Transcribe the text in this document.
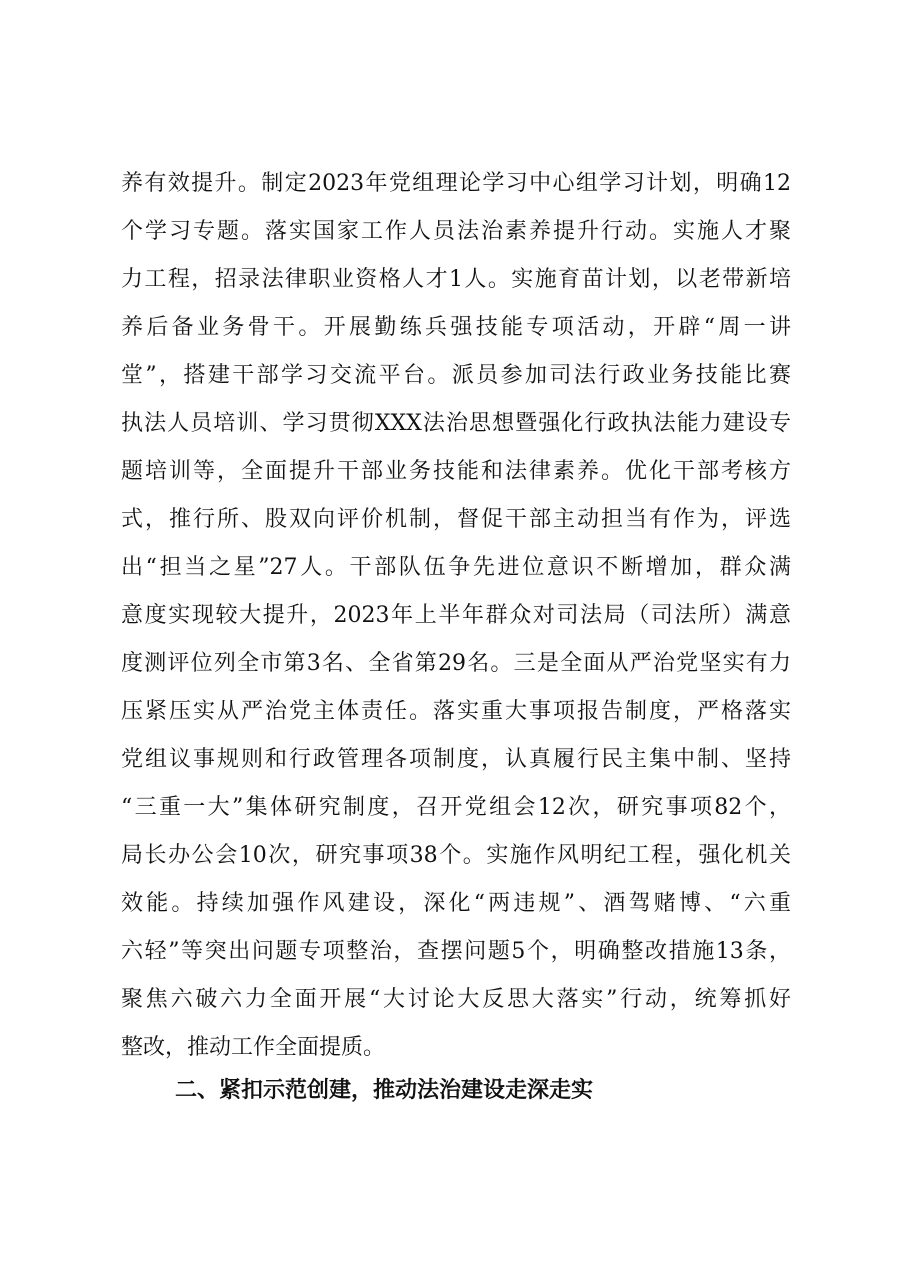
养有效提升。制定2023年党组理论学习中心组学习计划，明确12
个学习专题。落实国家工作人员法治素养提升行动。实施人才聚
力工程，招录法律职业资格人才1人。实施育苗计划，以老带新培
养后备业务骨干。开展勤练兵强技能专项活动，开辟“周一讲
堂”，搭建干部学习交流平台。派员参加司法行政业务技能比赛
执法人员培训、学习贯彻XXX法治思想暨强化行政执法能力建设专
题培训等，全面提升干部业务技能和法律素养。优化干部考核方
式，推行所、股双向评价机制，督促干部主动担当有作为，评选
出“担当之星”27人。干部队伍争先进位意识不断增加，群众满
意度实现较大提升，2023年上半年群众对司法局（司法所）满意
度测评位列全市第3名、全省第29名。三是全面从严治党坚实有力
压紧压实从严治党主体责任。落实重大事项报告制度，严格落实
党组议事规则和行政管理各项制度，认真履行民主集中制、坚持
“三重一大”集体研究制度，召开党组会12次，研究事项82个，
局长办公会10次，研究事项38个。实施作风明纪工程，强化机关
效能。持续加强作风建设，深化“两违规”、酒驾赌博、“六重
六轻”等突出问题专项整治，查摆问题5个，明确整改措施13条，
聚焦六破六力全面开展“大讨论大反思大落实”行动，统筹抓好
整改，推动工作全面提质。
二、紧扣示范创建，推动法治建设走深走实
